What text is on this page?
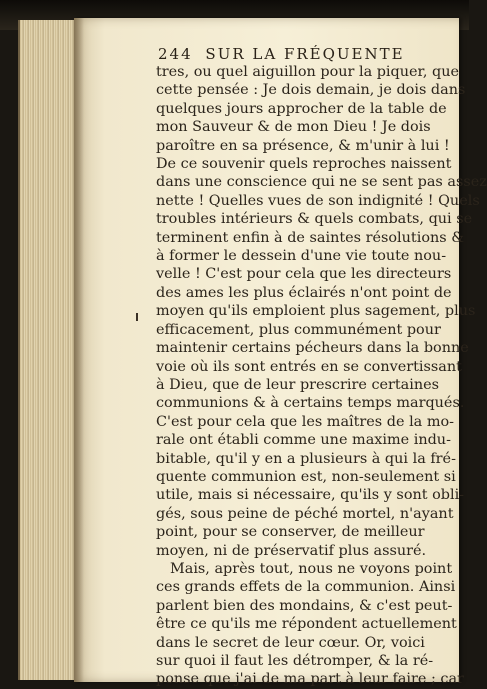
244 SUR LA FRÉQUENTE
tres, ou quel aiguillon pour la piquer, que
cette pensée : Je dois demain, je dois dans
quelques jours approcher de la table de
mon Sauveur & de mon Dieu ! Je dois
paroître en sa présence, & m'unir à lui !
De ce souvenir quels reproches naissent
dans une conscience qui ne se sent pas assez
nette ! Quelles vues de son indignité ! Quels
troubles intérieurs & quels combats, qui se
terminent enfin à de saintes résolutions &
à former le dessein d'une vie toute nou-
velle ! C'est pour cela que les directeurs
des ames les plus éclairés n'ont point de
moyen qu'ils emploient plus sagement, plus
efficacement, plus communément pour
maintenir certains pécheurs dans la bonne
voie où ils sont entrés en se convertissant
à Dieu, que de leur prescrire certaines
communions & à certains temps marqués.
C'est pour cela que les maîtres de la mo-
rale ont établi comme une maxime indu-
bitable, qu'il y en a plusieurs à qui la fré-
quente communion est, non-seulement si
utile, mais si nécessaire, qu'ils y sont obli-
gés, sous peine de péché mortel, n'ayant
point, pour se conserver, de meilleur
moyen, ni de préservatif plus assuré.
Mais, après tout, nous ne voyons point
ces grands effets de la communion. Ainsi
parlent bien des mondains, & c'est peut-
être ce qu'ils me répondent actuellement
dans le secret de leur cœur. Or, voici
sur quoi il faut les détromper, & la ré-
ponse que j'ai de ma part à leur faire ; car
